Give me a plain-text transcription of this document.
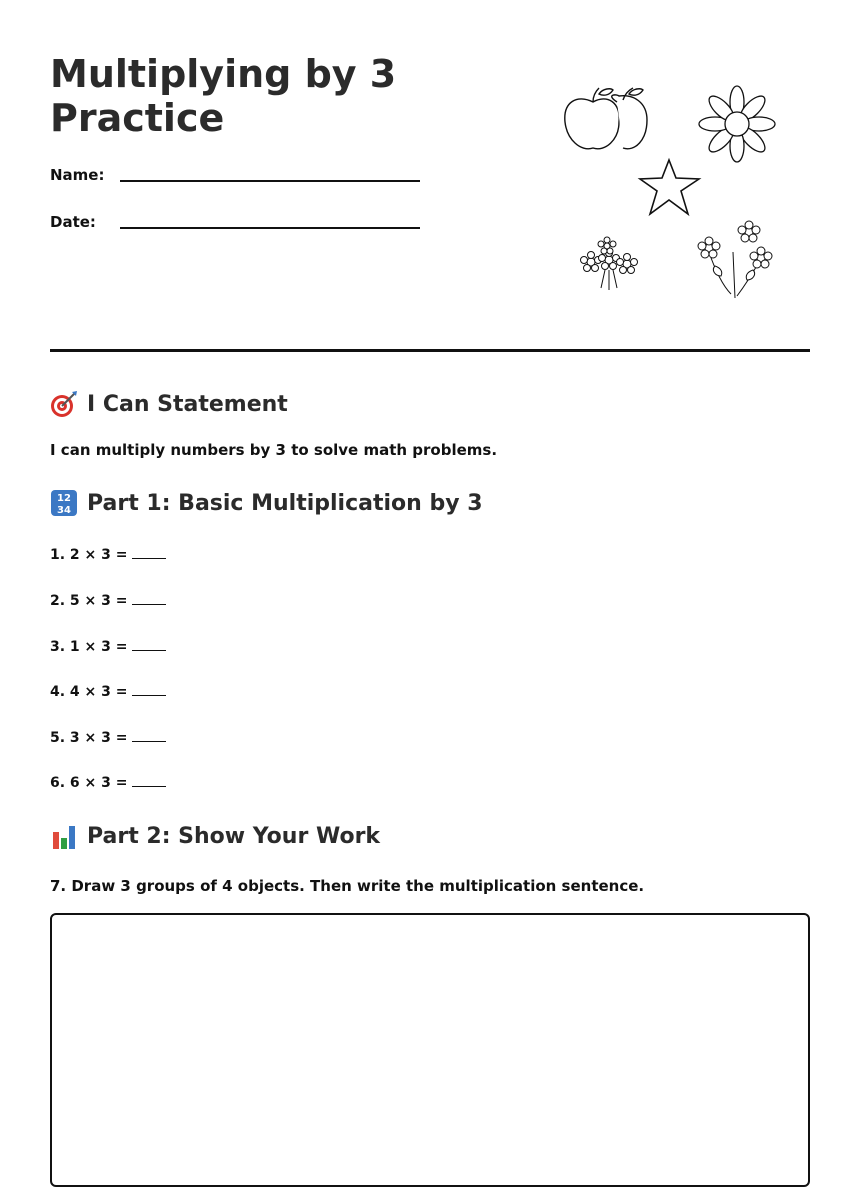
Multiplying by 3 Practice
Name:
Date:
I Can Statement
I can multiply numbers by 3 to solve math problems.
12
34 Part 1: Basic Multiplication by 3
1. 2 × 3 =
2. 5 × 3 =
3. 1 × 3 =
4. 4 × 3 =
5. 3 × 3 =
6. 6 × 3 =
Part 2: Show Your Work
7. Draw 3 groups of 4 objects. Then write the multiplication sentence.
